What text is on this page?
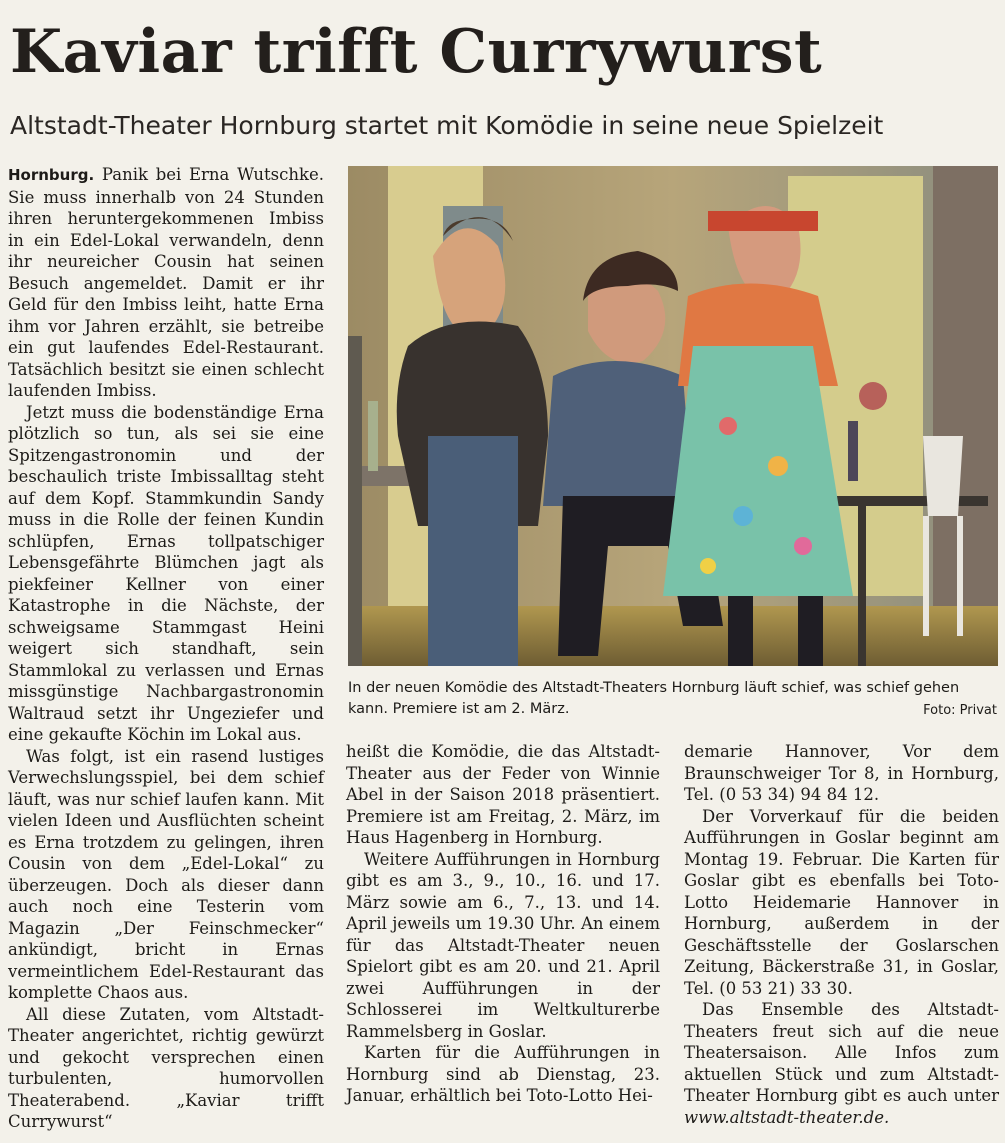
Kaviar trifft Currywurst
Altstadt-Theater Hornburg startet mit Komödie in seine neue Spielzeit

Hornburg. Panik bei Erna Wutschke. Sie muss innerhalb von 24 Stunden ihren heruntergekommenen Imbiss in ein Edel-Lokal verwandeln, denn ihr neureicher Cousin hat seinen Besuch angemeldet. Damit er ihr Geld für den Imbiss leiht, hatte Erna ihm vor Jahren erzählt, sie betreibe ein gut laufendes Edel-Restaurant. Tatsächlich besitzt sie einen schlecht laufenden Imbiss.

Jetzt muss die bodenständige Erna plötzlich so tun, als sei sie eine Spitzengastronomin und der beschaulich triste Imbissalltag steht auf dem Kopf. Stammkundin Sandy muss in die Rolle der feinen Kundin schlüpfen, Ernas tollpatschiger Lebensgefährte Blümchen jagt als piekfeiner Kellner von einer Katastrophe in die Nächste, der schweigsame Stammgast Heini weigert sich standhaft, sein Stammlokal zu verlassen und Ernas missgünstige Nachbargastronomin Waltraud setzt ihr Ungeziefer und eine gekaufte Köchin im Lokal aus.

Was folgt, ist ein rasend lustiges Verwechslungsspiel, bei dem schief läuft, was nur schief laufen kann. Mit vielen Ideen und Ausflüchten scheint es Erna trotzdem zu gelingen, ihren Cousin von dem „Edel-Lokal“ zu überzeugen. Doch als dieser dann auch noch eine Testerin vom Magazin „Der Feinschmecker“ ankündigt, bricht in Ernas vermeintlichem Edel-Restaurant das komplette Chaos aus.

All diese Zutaten, vom Altstadt-Theater angerichtet, richtig gewürzt und gekocht versprechen einen turbulenten, humorvollen Theaterabend. „Kaviar trifft Currywurst“

In der neuen Komödie des Altstadt-Theaters Hornburg läuft schief, was schief gehen kann. Premiere ist am 2. März.	Foto: Privat

heißt die Komödie, die das Altstadt-Theater aus der Feder von Winnie Abel in der Saison 2018 präsentiert. Premiere ist am Freitag, 2. März, im Haus Hagenberg in Hornburg.

Weitere Aufführungen in Hornburg gibt es am 3., 9., 10., 16. und 17. März sowie am 6., 7., 13. und 14. April jeweils um 19.30 Uhr. An einem für das Altstadt-Theater neuen Spielort gibt es am 20. und 21. April zwei Aufführungen in der Schlosserei im Weltkulturerbe Rammelsberg in Goslar.

Karten für die Aufführungen in Hornburg sind ab Dienstag, 23. Januar, erhältlich bei Toto-Lotto Hei-

demarie Hannover, Vor dem Braunschweiger Tor 8, in Hornburg, Tel. (0 53 34) 94 84 12.

Der Vorverkauf für die beiden Aufführungen in Goslar beginnt am Montag 19. Februar. Die Karten für Goslar gibt es ebenfalls bei Toto-Lotto Heidemarie Hannover in Hornburg, außerdem in der Geschäftsstelle der Goslarschen Zeitung, Bäckerstraße 31, in Goslar, Tel. (0 53 21) 33 30.

Das Ensemble des Altstadt-Theaters freut sich auf die neue Theatersaison. Alle Infos zum aktuellen Stück und zum Altstadt-Theater Hornburg gibt es auch unter www.altstadt-theater.de.
